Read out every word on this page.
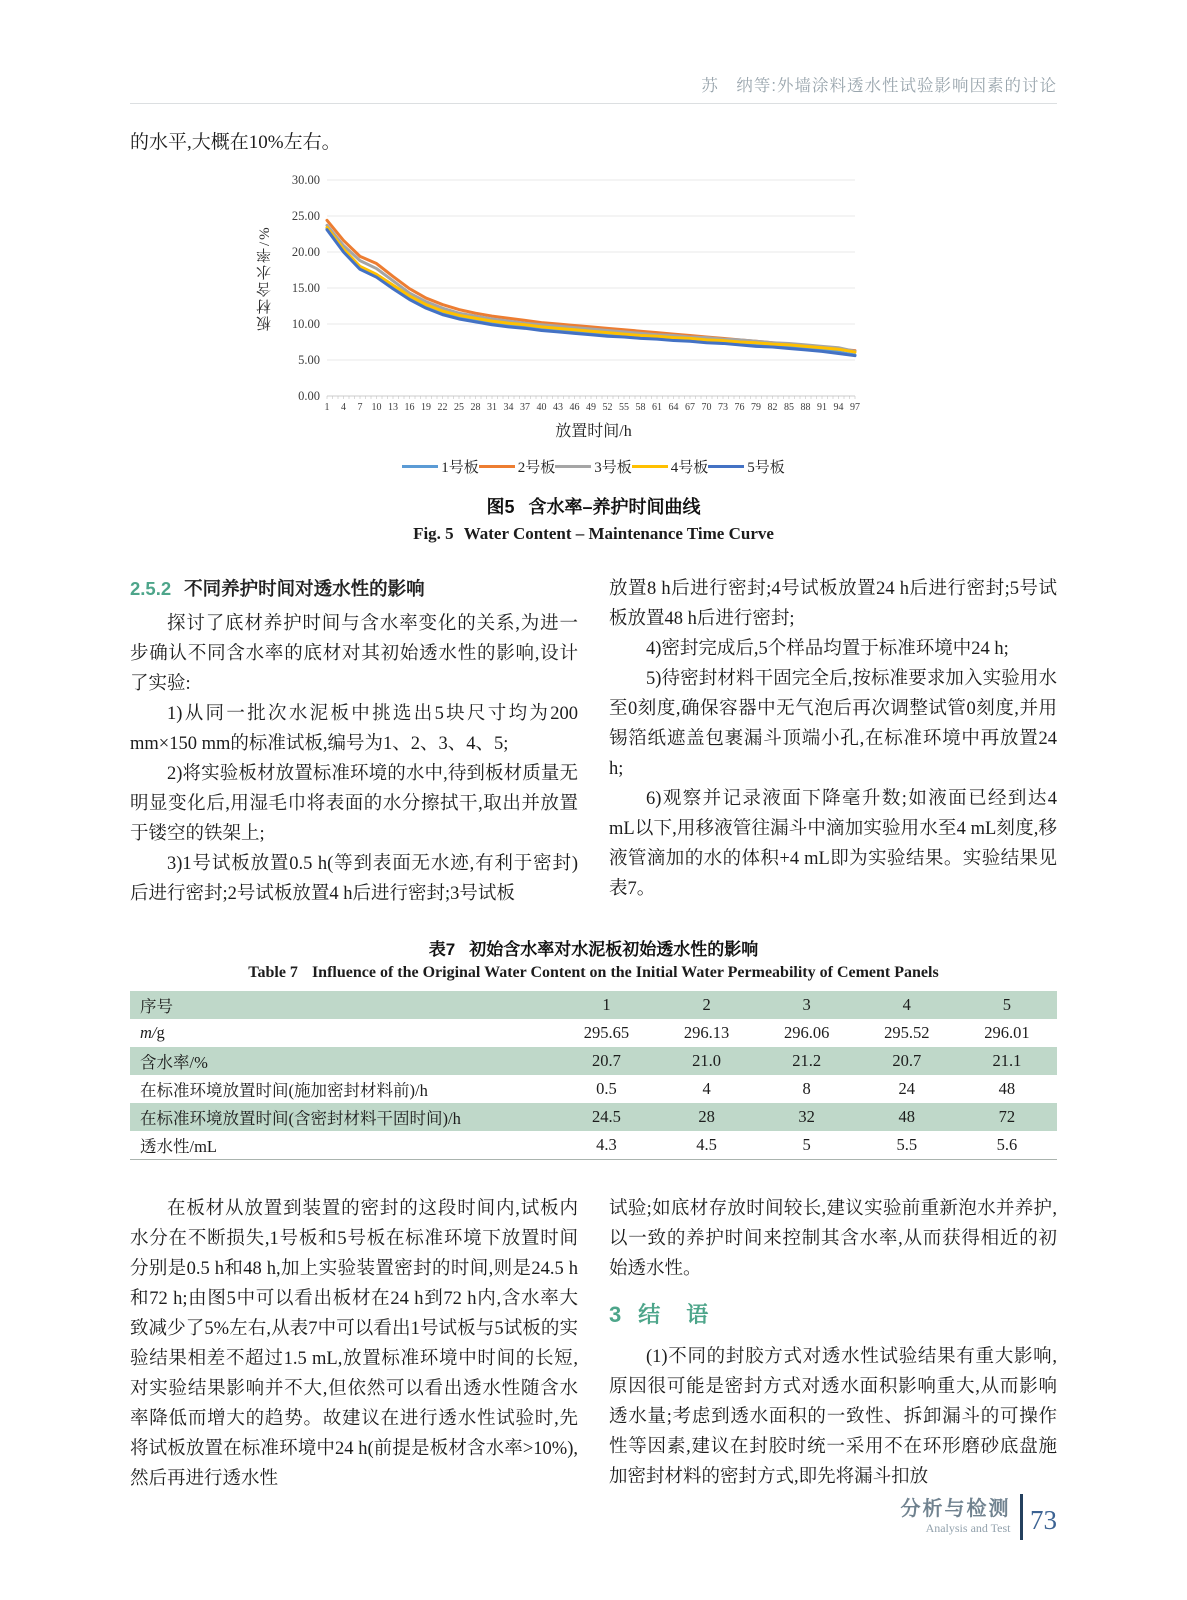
苏　纳等:外墙涂料透水性试验影响因素的讨论

的水平,大概在10%左右。

板材含水率/%
0.00
5.00
10.00
15.00
20.00
25.00
30.00
1 4 7 10 13 16 19 22 25 28 31 34 37 40 43 46 49 52 55 58 61 64 67 70 73 76 79 82 85 88 91 94 97
放置时间/h
1号板	2号板	3号板	4号板	5号板
图5 含水率–养护时间曲线
Fig. 5 Water Content – Maintenance Time Curve
2.5.2 不同养护时间对透水性的影响

探讨了底材养护时间与含水率变化的关系,为进一步确认不同含水率的底材对其初始透水性的影响,设计了实验:

1)从同一批次水泥板中挑选出5块尺寸均为200 mm×150 mm的标准试板,编号为1、2、3、4、5;

2)将实验板材放置标准环境的水中,待到板材质量无明显变化后,用湿毛巾将表面的水分擦拭干,取出并放置于镂空的铁架上;

3)1号试板放置0.5 h(等到表面无水迹,有利于密封)后进行密封;2号试板放置4 h后进行密封;3号试板

放置8 h后进行密封;4号试板放置24 h后进行密封;5号试板放置48 h后进行密封;

4)密封完成后,5个样品均置于标准环境中24 h;

5)待密封材料干固完全后,按标准要求加入实验用水至0刻度,确保容器中无气泡后再次调整试管0刻度,并用锡箔纸遮盖包裹漏斗顶端小孔,在标准环境中再放置24 h;

6)观察并记录液面下降毫升数;如液面已经到达4 mL以下,用移液管往漏斗中滴加实验用水至4 mL刻度,移液管滴加的水的体积+4 mL即为实验结果。实验结果见表7。

表7 初始含水率对水泥板初始透水性的影响
Table 7 Influence of the Original Water Content on the Initial Water Permeability of Cement Panels
序号	1	2	3	4	5
m/g	295.65	296.13	296.06	295.52	296.01
含水率/%	20.7	21.0	21.2	20.7	21.1
在标准环境放置时间(施加密封材料前)/h	0.5	4	8	24	48
在标准环境放置时间(含密封材料干固时间)/h	24.5	28	32	48	72
透水性/mL	4.3	4.5	5	5.5	5.6

在板材从放置到装置的密封的这段时间内,试板内水分在不断损失,1号板和5号板在标准环境下放置时间分别是0.5 h和48 h,加上实验装置密封的时间,则是24.5 h和72 h;由图5中可以看出板材在24 h到72 h内,含水率大致减少了5%左右,从表7中可以看出1号试板与5试板的实验结果相差不超过1.5 mL,放置标准环境中时间的长短,对实验结果影响并不大,但依然可以看出透水性随含水率降低而增大的趋势。故建议在进行透水性试验时,先将试板放置在标准环境中24 h(前提是板材含水率>10%),然后再进行透水性

试验;如底材存放时间较长,建议实验前重新泡水并养护,以一致的养护时间来控制其含水率,从而获得相近的初始透水性。

3 结　语

(1)不同的封胶方式对透水性试验结果有重大影响,原因很可能是密封方式对透水面积影响重大,从而影响透水量;考虑到透水面积的一致性、拆卸漏斗的可操作性等因素,建议在封胶时统一采用不在环形磨砂底盘施加密封材料的密封方式,即先将漏斗扣放

分析与检测
Analysis and Test 73
